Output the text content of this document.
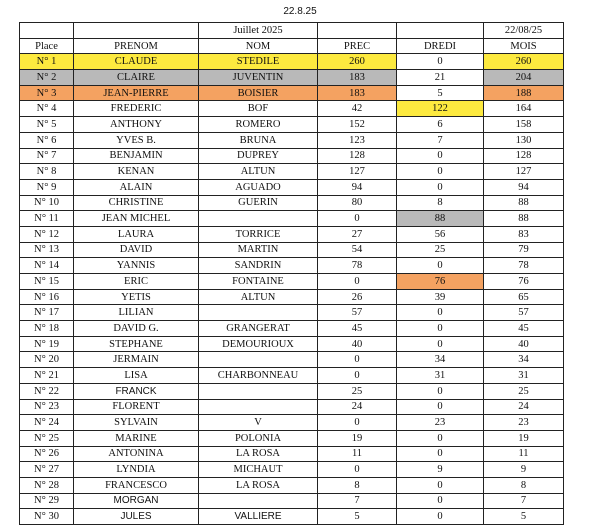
22.8.25
		Juillet 2025			22/08/25
Place	PRENOM	NOM	PREC	DREDI	MOIS
N° 1	CLAUDE	STEDILE	260	0	260
N° 2	CLAIRE	JUVENTIN	183	21	204
N° 3	JEAN-PIERRE	BOISIER	183	5	188
N° 4	FREDERIC	BOF	42	122	164
N° 5	ANTHONY	ROMERO	152	6	158
N° 6	YVES B.	BRUNA	123	7	130
N° 7	BENJAMIN	DUPREY	128	0	128
N° 8	KENAN	ALTUN	127	0	127
N° 9	ALAIN	AGUADO	94	0	94
N° 10	CHRISTINE	GUERIN	80	8	88
N° 11	JEAN MICHEL		0	88	88
N° 12	LAURA	TORRICE	27	56	83
N° 13	DAVID	MARTIN	54	25	79
N° 14	YANNIS	SANDRIN	78	0	78
N° 15	ERIC	FONTAINE	0	76	76
N° 16	YETIS	ALTUN	26	39	65
N° 17	LILIAN		57	0	57
N° 18	DAVID G.	GRANGERAT	45	0	45
N° 19	STEPHANE	DEMOURIOUX	40	0	40
N° 20	JERMAIN		0	34	34
N° 21	LISA	CHARBONNEAU	0	31	31
N° 22	FRANCK		25	0	25
N° 23	FLORENT		24	0	24
N° 24	SYLVAIN	V	0	23	23
N° 25	MARINE	POLONIA	19	0	19
N° 26	ANTONINA	LA ROSA	11	0	11
N° 27	LYNDIA	MICHAUT	0	9	9
N° 28	FRANCESCO	LA ROSA	8	0	8
N° 29	MORGAN		7	0	7
N° 30	JULES	VALLIERE	5	0	5
